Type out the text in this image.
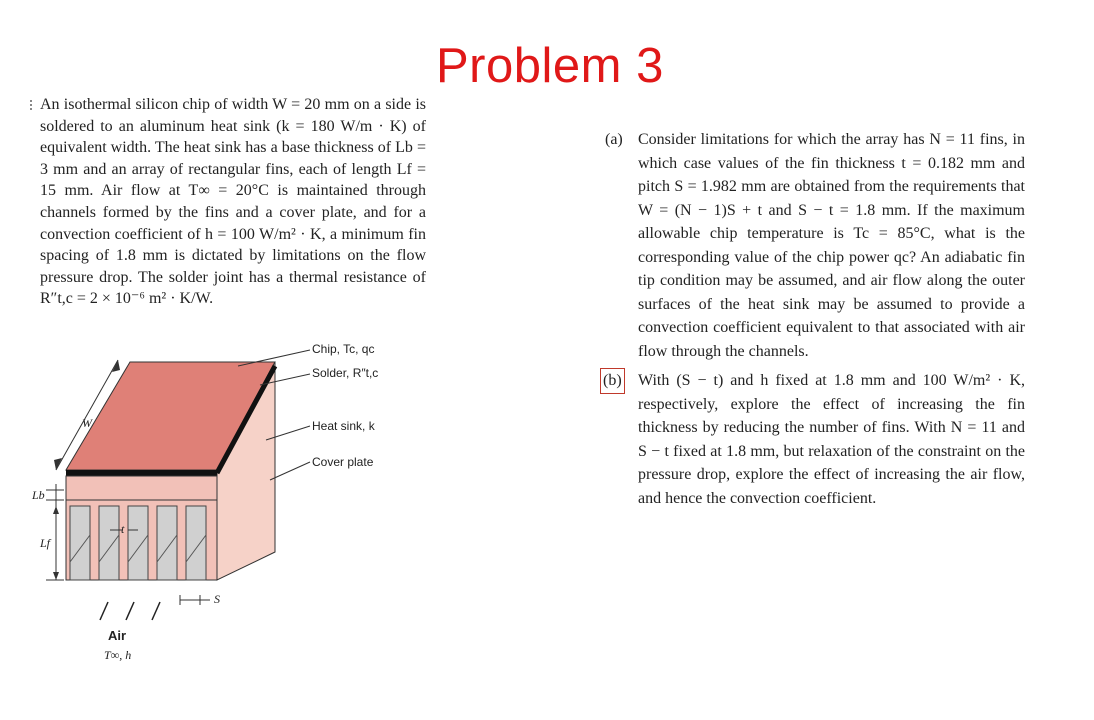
Problem 3

An isothermal silicon chip of width W = 20 mm on a side is soldered to an aluminum heat sink (k = 180 W/m · K) of equivalent width. The heat sink has a base thickness of Lb = 3 mm and an array of rectangular fins, each of length Lf = 15 mm. Air flow at T∞ = 20°C is maintained through channels formed by the fins and a cover plate, and for a convection coefficient of h = 100 W/m² · K, a minimum fin spacing of 1.8 mm is dictated by limitations on the flow pressure drop. The solder joint has a thermal resistance of R″t,c = 2 × 10⁻⁶ m² · K/W.

(a) Consider limitations for which the array has N = 11 fins, in which case values of the fin thickness t = 0.182 mm and pitch S = 1.982 mm are obtained from the requirements that W = (N − 1)S + t and S − t = 1.8 mm. If the maximum allowable chip temperature is Tc = 85°C, what is the corresponding value of the chip power qc? An adiabatic fin tip condition may be assumed, and air flow along the outer surfaces of the heat sink may be assumed to provide a convection coefficient equivalent to that associated with air flow through the channels.
(b) With (S − t) and h fixed at 1.8 mm and 100 W/m² · K, respectively, explore the effect of increasing the fin thickness by reducing the number of fins. With N = 11 and S − t fixed at 1.8 mm, but relaxation of the constraint on the pressure drop, explore the effect of increasing the air flow, and hence the convection coefficient.
Chip, Tc, qc
Solder, R″t,c
Heat sink, k
Cover plate
W
Lb
Lf
t
S
Air
T∞, h
